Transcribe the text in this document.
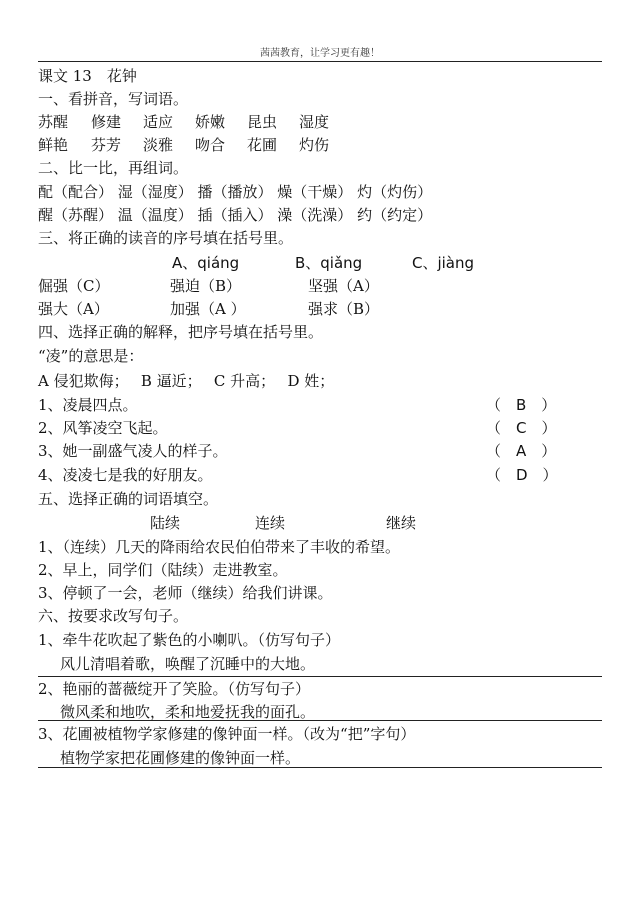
茜茜教育，让学习更有趣！
课文 13　花钟
一、看拼音，写词语。
苏醒 修建 适应 娇嫩 昆虫 湿度
鲜艳 芬芳 淡雅 吻合 花圃 灼伤
二、比一比，再组词。
配（配合） 湿（湿度） 播（播放） 燥（干燥） 灼（灼伤）
醒（苏醒） 温（温度） 插（插入） 澡（洗澡） 约（约定）
三、将正确的读音的序号填在括号里。
A、qiáng	B、qiǎng	C、jiàng
倔强（C）	强迫（B）	坚强（A）
强大（A）	加强（A ）	强求（B）
四、选择正确的解释，把序号填在括号里。
“凌”的意思是：
A 侵犯欺侮；　 B 逼近；　 C 升高；　 D 姓；
1、凌晨四点。	（　B　）
2、风筝凌空飞起。	（　C　）
3、她一副盛气凌人的样子。	（　A　）
4、凌凌七是我的好朋友。	（　D　）
五、选择正确的词语填空。
陆续	连续	继续
1、（连续）几天的降雨给农民伯伯带来了丰收的希望。
2、早上，同学们（陆续）走进教室。
3、停顿了一会，老师（继续）给我们讲课。
六、按要求改写句子。
1、牵牛花吹起了紫色的小喇叭。（仿写句子）
风儿清唱着歌，唤醒了沉睡中的大地。
2、艳丽的蔷薇绽开了笑脸。（仿写句子）
微风柔和地吹，柔和地爱抚我的面孔。
3、花圃被植物学家修建的像钟面一样。（改为“把”字句）
植物学家把花圃修建的像钟面一样。
